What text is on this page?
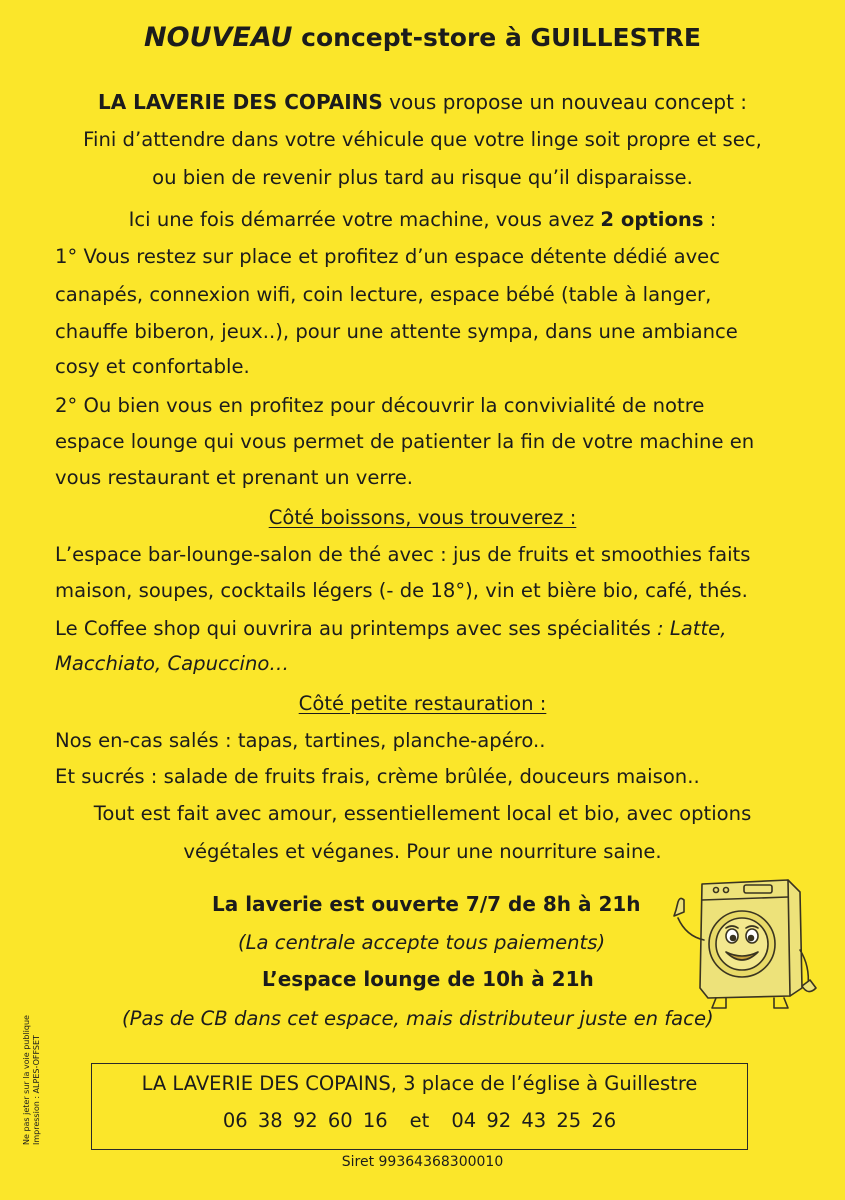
NOUVEAU concept-store à GUILLESTRE

LA LAVERIE DES COPAINS vous propose un nouveau concept :

Fini d’attendre dans votre véhicule que votre linge soit propre et sec,

ou bien de revenir plus tard au risque qu’il disparaisse.

Ici une fois démarrée votre machine, vous avez 2 options :

1° Vous restez sur place et profitez d’un espace détente dédié avec

canapés, connexion wifi, coin lecture, espace bébé (table à langer,

chauffe biberon, jeux..), pour une attente sympa, dans une ambiance

cosy et confortable.

2° Ou bien vous en profitez pour découvrir la convivialité de notre

espace lounge qui vous permet de patienter la fin de votre machine en

vous restaurant et prenant un verre.

Côté boissons, vous trouverez :

L’espace bar-lounge-salon de thé avec : jus de fruits et smoothies faits

maison, soupes, cocktails légers (- de 18°), vin et bière bio, café, thés.

Le Coffee shop qui ouvrira au printemps avec ses spécialités : Latte,

Macchiato, Capuccino…

Côté petite restauration :

Nos en-cas salés : tapas, tartines, planche-apéro..

Et sucrés : salade de fruits frais, crème brûlée, douceurs maison..

Tout est fait avec amour, essentiellement local et bio, avec options

végétales et véganes. Pour une nourriture saine.

La laverie est ouverte 7/7 de 8h à 21h

(La centrale accepte tous paiements)

L’espace lounge de 10h à 21h

(Pas de CB dans cet espace, mais distributeur juste en face)

LA LAVERIE DES COPAINS, 3 place de l’église à Guillestre
06 38 92 60 16 et 04 92 43 25 26

Siret 99364368300010

Ne pas jeter sur la voie publique Impression : ALPES-OFFSET
